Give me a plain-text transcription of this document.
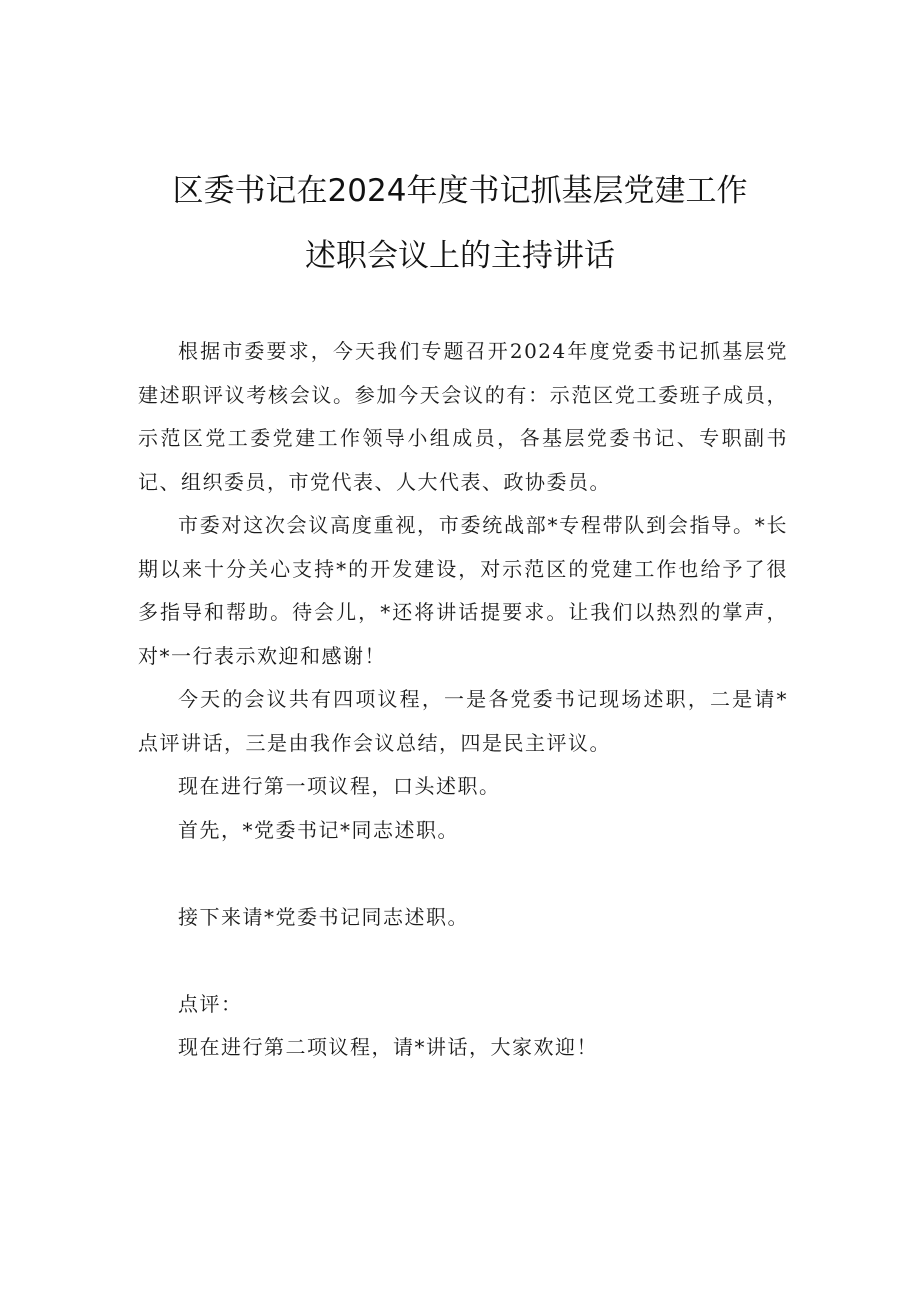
区委书记在2024年度书记抓基层党建工作
述职会议上的主持讲话

根据市委要求，今天我们专题召开2024年度党委书记抓基层党建述职评议考核会议。参加今天会议的有：示范区党工委班子成员，示范区党工委党建工作领导小组成员，各基层党委书记、专职副书记、组织委员，市党代表、人大代表、政协委员。

市委对这次会议高度重视，市委统战部*专程带队到会指导。*长期以来十分关心支持*的开发建设，对示范区的党建工作也给予了很多指导和帮助。待会儿，*还将讲话提要求。让我们以热烈的掌声，对*一行表示欢迎和感谢！

今天的会议共有四项议程，一是各党委书记现场述职，二是请*点评讲话，三是由我作会议总结，四是民主评议。

现在进行第一项议程，口头述职。

首先，*党委书记*同志述职。

接下来请*党委书记同志述职。

点评：

现在进行第二项议程，请*讲话，大家欢迎！
